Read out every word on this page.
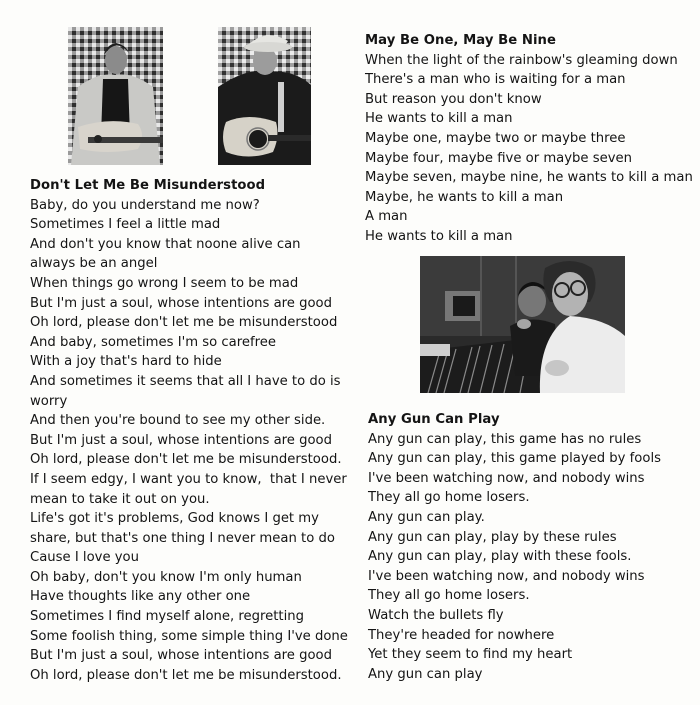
Don't Let Me Be Misunderstood
Baby, do you understand me now?
Sometimes I feel a little mad
And don't you know that noone alive can
always be an angel
When things go wrong I seem to be mad
But I'm just a soul, whose intentions are good
Oh lord, please don't let me be misunderstood
And baby, sometimes I'm so carefree
With a joy that's hard to hide
And sometimes it seems that all I have to do is
worry
And then you're bound to see my other side.
But I'm just a soul, whose intentions are good
Oh lord, please don't let me be misunderstood.
If I seem edgy, I want you to know,  that I never
mean to take it out on you.
Life's got it's problems, God knows I get my
share, but that's one thing I never mean to do
Cause I love you
Oh baby, don't you know I'm only human
Have thoughts like any other one
Sometimes I find myself alone, regretting
Some foolish thing, some simple thing I've done
But I'm just a soul, whose intentions are good
Oh lord, please don't let me be misunderstood.
May Be One, May Be Nine
When the light of the rainbow's gleaming down
There's a man who is waiting for a man
But reason you don't know
He wants to kill a man
Maybe one, maybe two or maybe three
Maybe four, maybe five or maybe seven
Maybe seven, maybe nine, he wants to kill a man
Maybe, he wants to kill a man
A man
He wants to kill a man
Any Gun Can Play
Any gun can play, this game has no rules
Any gun can play, this game played by fools
I've been watching now, and nobody wins
They all go home losers.
Any gun can play.
Any gun can play, play by these rules
Any gun can play, play with these fools.
I've been watching now, and nobody wins
They all go home losers.
Watch the bullets fly
They're headed for nowhere
Yet they seem to find my heart
Any gun can play
